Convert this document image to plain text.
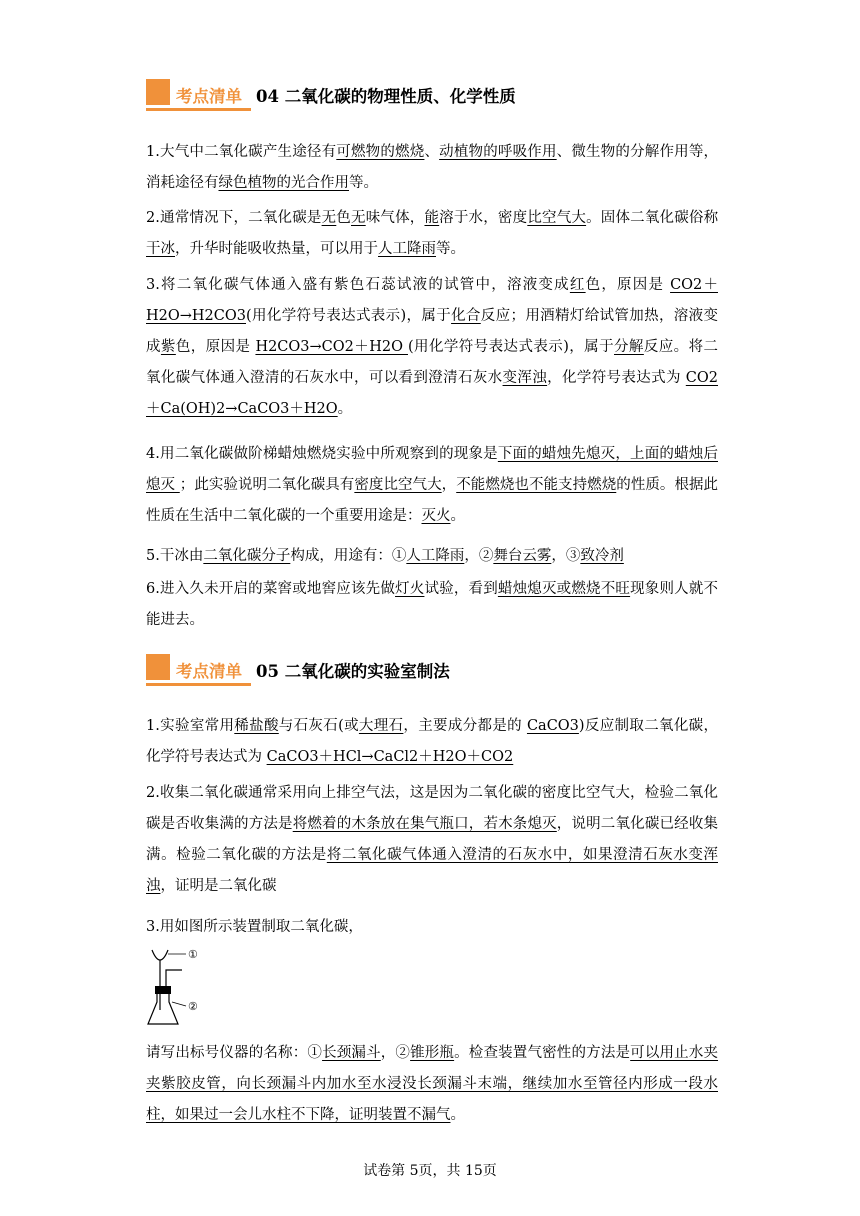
考点清单 04 二氧化碳的物理性质、化学性质
1.大气中二氧化碳产生途径有可燃物的燃烧、动植物的呼吸作用、微生物的分解作用等，消耗途径有绿色植物的光合作用等。
2.通常情况下，二氧化碳是无色无味气体，能溶于水，密度比空气大。固体二氧化碳俗称干冰，升华时能吸收热量，可以用于人工降雨等。
3.将二氧化碳气体通入盛有紫色石蕊试液的试管中，溶液变成红色，原因是 CO2＋H2O→H2CO3(用化学符号表达式表示)，属于化合反应；用酒精灯给试管加热，溶液变成紫色，原因是 H2CO3→CO2＋H2O (用化学符号表达式表示)，属于分解反应。将二氧化碳气体通入澄清的石灰水中，可以看到澄清石灰水变浑浊，化学符号表达式为 CO2＋Ca(OH)2→CaCO3＋H2O。
4.用二氧化碳做阶梯蜡烛燃烧实验中所观察到的现象是下面的蜡烛先熄灭，上面的蜡烛后熄灭 ；此实验说明二氧化碳具有密度比空气大，不能燃烧也不能支持燃烧的性质。根据此性质在生活中二氧化碳的一个重要用途是：灭火。
5.干冰由二氧化碳分子构成，用途有：①人工降雨，②舞台云雾，③致冷剂
6.进入久未开启的菜窖或地窖应该先做灯火试验，看到蜡烛熄灭或燃烧不旺现象则人就不能进去。
考点清单 05 二氧化碳的实验室制法
1.实验室常用稀盐酸与石灰石(或大理石，主要成分都是的 CaCO3)反应制取二氧化碳，化学符号表达式为 CaCO3＋HCl→CaCl2＋H2O＋CO2
2.收集二氧化碳通常采用向上排空气法，这是因为二氧化碳的密度比空气大，检验二氧化碳是否收集满的方法是将燃着的木条放在集气瓶口，若木条熄灭，说明二氧化碳已经收集满。检验二氧化碳的方法是将二氧化碳气体通入澄清的石灰水中，如果澄清石灰水变浑浊，证明是二氧化碳
3.用如图所示装置制取二氧化碳，
①
②
请写出标号仪器的名称：①长颈漏斗，②锥形瓶。检查装置气密性的方法是可以用止水夹夹紫胶皮管，向长颈漏斗内加水至水浸没长颈漏斗末端，继续加水至管径内形成一段水柱，如果过一会儿水柱不下降，证明装置不漏气。
试卷第 5页，共 15页
